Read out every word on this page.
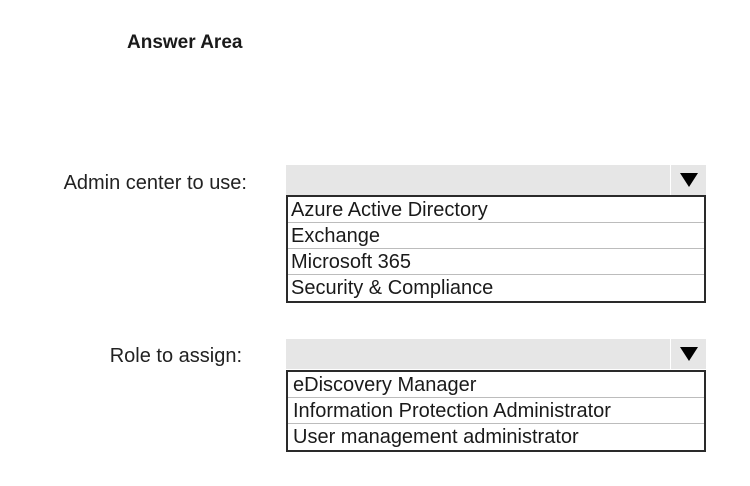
Answer Area
Admin center to use:
Azure Active Directory
Exchange
Microsoft 365
Security & Compliance
Role to assign:
eDiscovery Manager
Information Protection Administrator
User management administrator
